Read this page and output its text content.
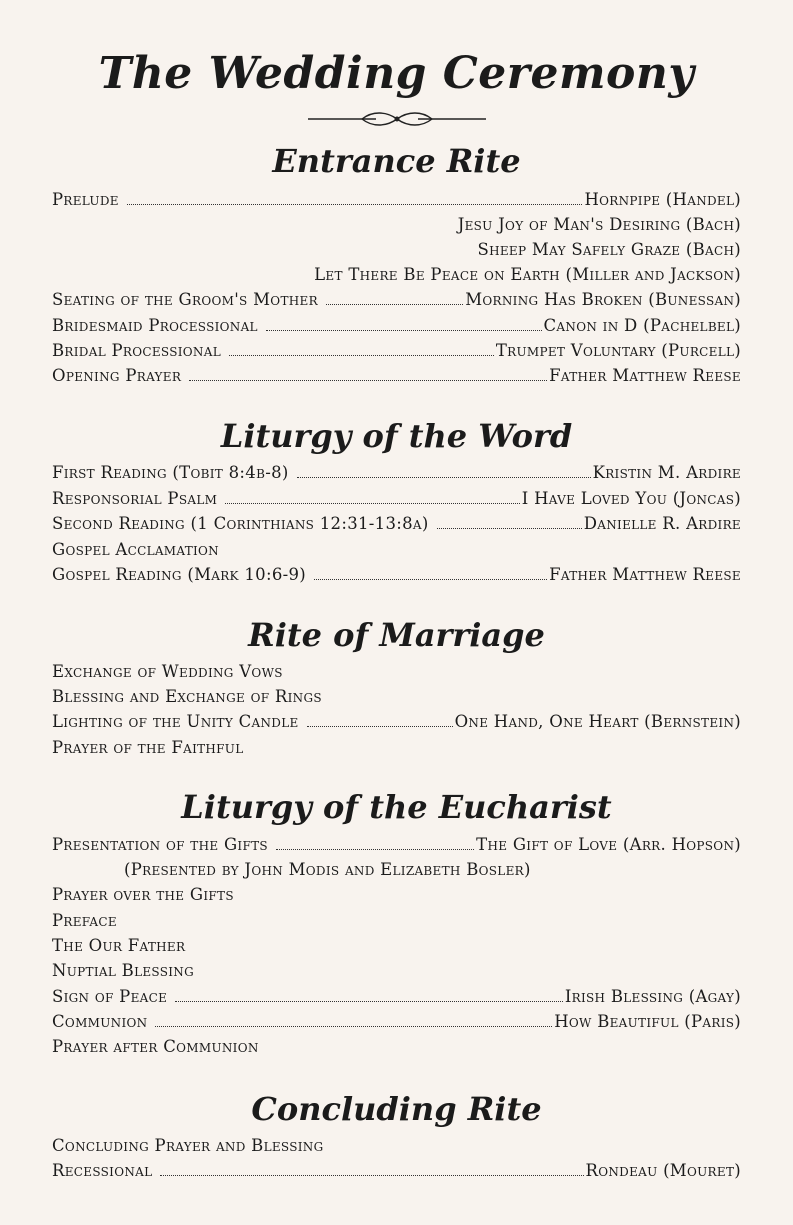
The Wedding Ceremony
Entrance Rite
Prelude	Hornpipe (Handel)
Jesu Joy of Man's Desiring (Bach)
Sheep May Safely Graze (Bach)
Let There Be Peace on Earth (Miller and Jackson)
Seating of the Groom's Mother	Morning Has Broken (Bunessan)
Bridesmaid Processional	Canon in D (Pachelbel)
Bridal Processional	Trumpet Voluntary (Purcell)
Opening Prayer	Father Matthew Reese
Liturgy of the Word
First Reading (Tobit 8:4b-8)	Kristin M. Ardire
Responsorial Psalm	I Have Loved You (Joncas)
Second Reading (1 Corinthians 12:31-13:8a)	Danielle R. Ardire
Gospel Acclamation
Gospel Reading (Mark 10:6-9)	Father Matthew Reese
Rite of Marriage
Exchange of Wedding Vows
Blessing and Exchange of Rings
Lighting of the Unity Candle	One Hand, One Heart (Bernstein)
Prayer of the Faithful
Liturgy of the Eucharist
Presentation of the Gifts	The Gift of Love (Arr. Hopson)
(Presented by John Modis and Elizabeth Bosler)
Prayer over the Gifts
Preface
The Our Father
Nuptial Blessing
Sign of Peace	Irish Blessing (Agay)
Communion	How Beautiful (Paris)
Prayer after Communion
Concluding Rite
Concluding Prayer and Blessing
Recessional	Rondeau (Mouret)
